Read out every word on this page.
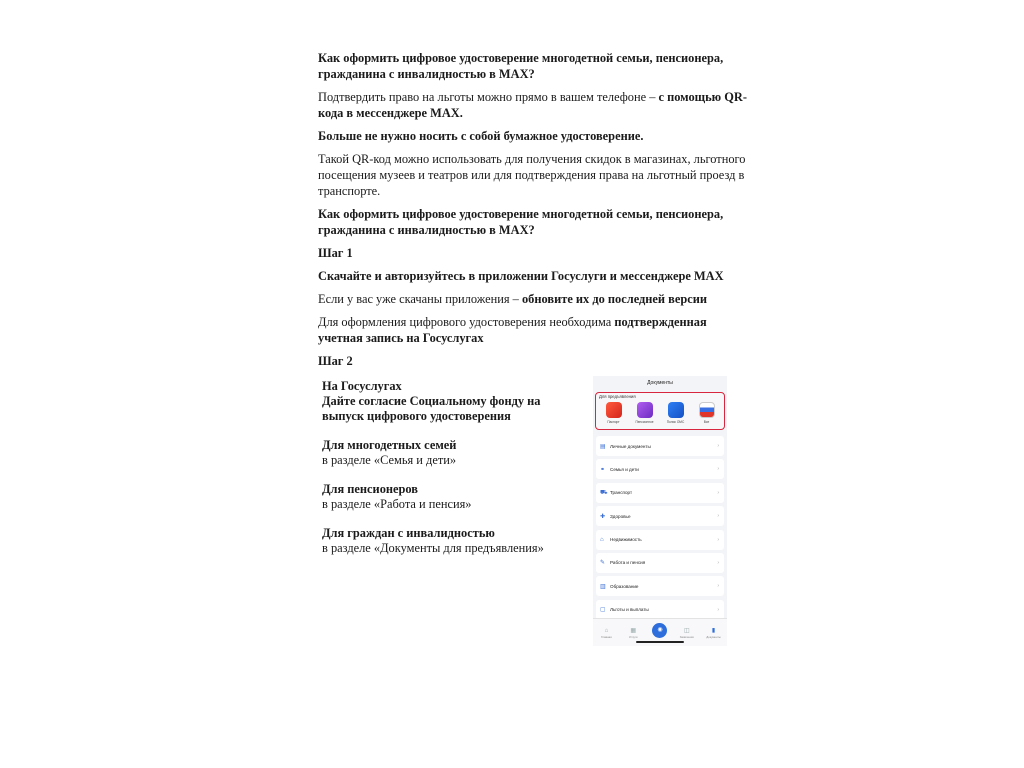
Как оформить цифровое удостоверение многодетной семьи, пенсионера, гражданина с инвалидностью в МАХ?

Подтвердить право на льготы можно прямо в вашем телефоне – с помощью QR-кода в мессенджере MAX.

Больше не нужно носить с собой бумажное удостоверение.

Такой QR-код можно использовать для получения скидок в магазинах, льготного посещения музеев и театров или для подтверждения права на льготный проезд в транспорте.

Как оформить цифровое удостоверение многодетной семьи, пенсионера, гражданина с инвалидностью в МАХ?

Шаг 1

Скачайте и авторизуйтесь в приложении Госуслуги и мессенджере МАХ

Если у вас уже скачаны приложения – обновите их до последней версии

Для оформления цифрового удостоверения необходима подтвержденная учетная запись на Госуслугах

Шаг 2

На Госуслугах
Дайте согласие Социальному фонду на выпуск цифрового удостоверения
Для многодетных семей
в разделе «Семья и дети»
Для пенсионеров
в разделе «Работа и пенсия»
Для граждан с инвалидностью
в разделе «Документы для предъявления»
Документы
Для предъявления
Паспорт	Пенсионное	Полис ОМС	Все
▤ Личные документы	›
⚭	Семья и дети	›
⛟ Транспорт	›
✚	Здоровье	›
⌂	Недвижимость	›
✎	Работа и пенсия	›
▥ Образование	›
▢ Льготы и выплаты	›
⌂
Главная
▦
Услуги
◉	◫
Заявления
▮
Документы
